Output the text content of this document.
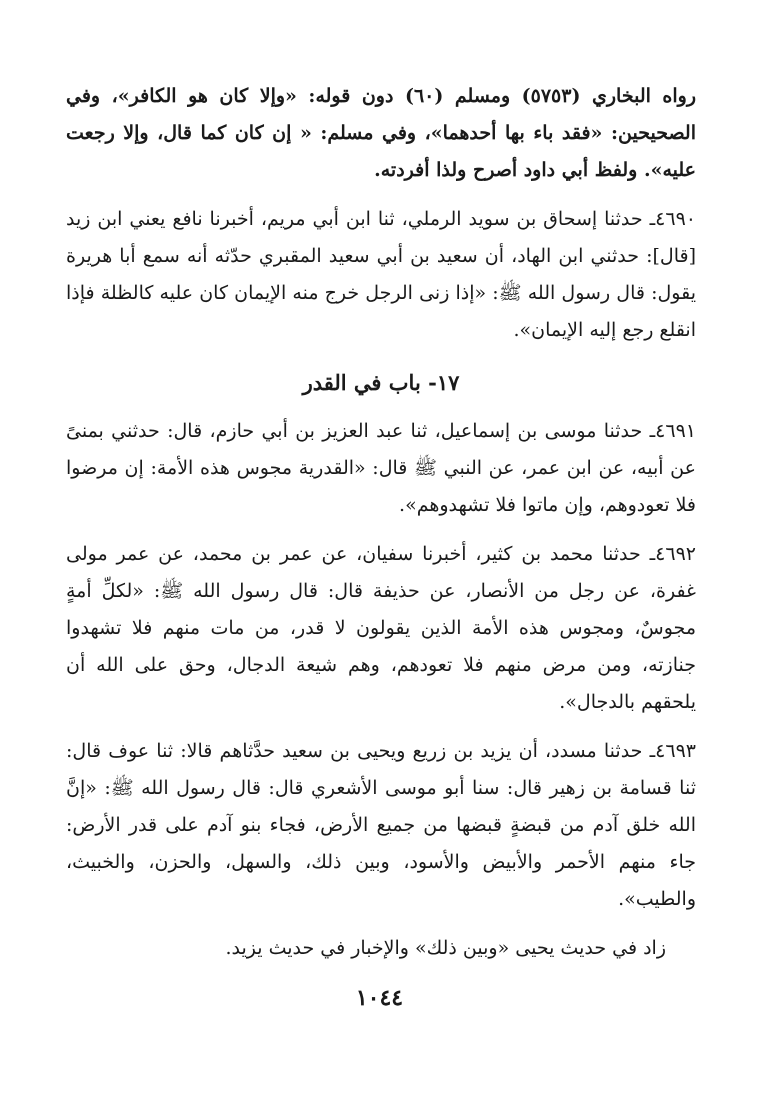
رواه البخاري (٥٧٥٣) ومسلم (٦٠) دون قوله: «وإلا كان هو الكافر»، وفي الصحيحين: «فقد باء بها أحدهما»، وفي مسلم: « إن كان كما قال، وإلا رجعت عليه». ولفظ أبي داود أصرح ولذا أفردته.

٤٦٩٠ـ حدثنا إسحاق بن سويد الرملي، ثنا ابن أبي مريم، أخبرنا نافع يعني ابن زيد [قال]: حدثني ابن الهاد، أن سعيد بن أبي سعيد المقبري حدّثه أنه سمع أبا هريرة يقول: قال رسول الله ﷺ: «إذا زنى الرجل خرج منه الإيمان كان عليه كالظلة فإذا انقلع رجع إليه الإيمان».

١٧- باب في القدر

٤٦٩١ـ حدثنا موسى بن إسماعيل، ثنا عبد العزيز بن أبي حازم، قال: حدثني بمنىً عن أبيه، عن ابن عمر، عن النبي ﷺ قال: «القدرية مجوس هذه الأمة: إن مرضوا فلا تعودوهم، وإن ماتوا فلا تشهدوهم».

٤٦٩٢ـ حدثنا محمد بن كثير، أخبرنا سفيان، عن عمر بن محمد، عن عمر مولى غفرة، عن رجل من الأنصار، عن حذيفة قال: قال رسول الله ﷺ: «لكلِّ أمةٍ مجوسٌ، ومجوس هذه الأمة الذين يقولون لا قدر، من مات منهم فلا تشهدوا جنازته، ومن مرض منهم فلا تعودهم، وهم شيعة الدجال، وحق على الله أن يلحقهم بالدجال».

٤٦٩٣ـ حدثنا مسدد، أن يزيد بن زريع ويحيى بن سعيد حدَّثاهم قالا: ثنا عوف قال: ثنا قسامة بن زهير قال: سنا أبو موسى الأشعري قال: قال رسول الله ﷺ: «إنَّ الله خلق آدم من قبضةٍ قبضها من جميع الأرض، فجاء بنو آدم على قدر الأرض: جاء منهم الأحمر والأبيض والأسود، وبين ذلك، والسهل، والحزن، والخبيث، والطيب».

زاد في حديث يحيى «وبين ذلك» والإخبار في حديث يزيد.

١٠٤٤
